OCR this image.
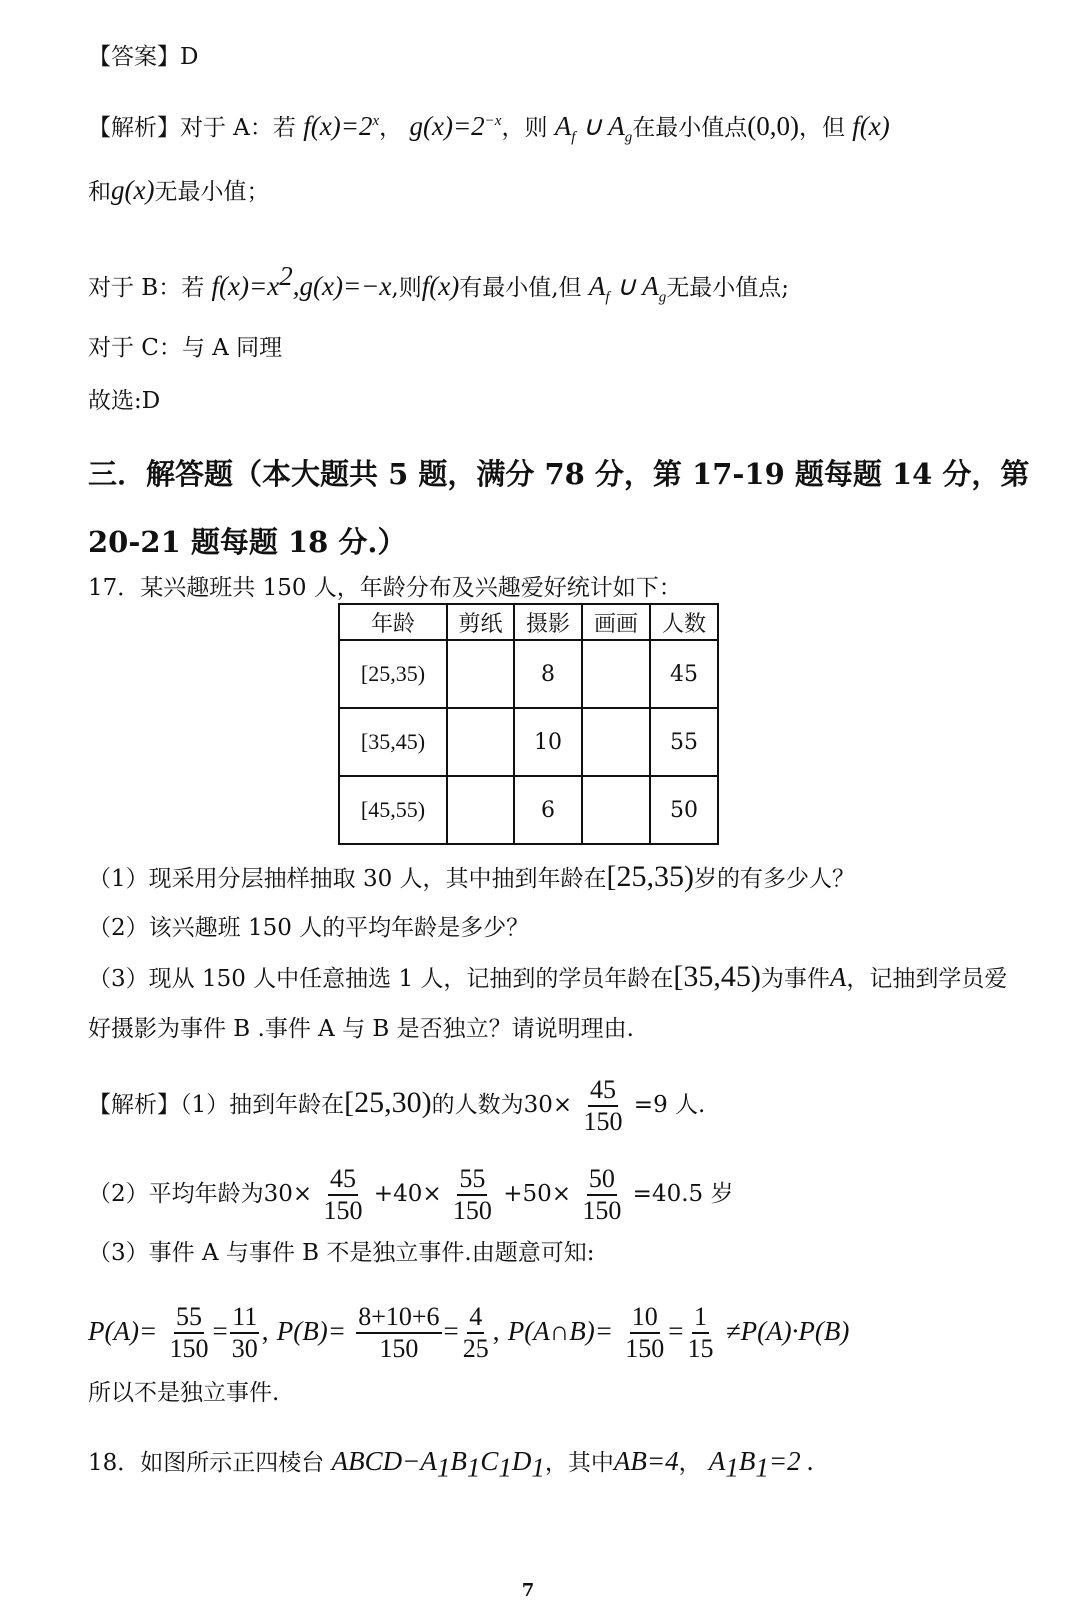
【答案】D
【解析】对于 A：若 $f(x)=2^x$， $g(x)=2^{-x}$，则 $A_f$ ∪ $A_g$在最小值点(0,0)，但 f(x)
和g(x)无最小值；
对于 B：若 $f(x)=x^2,g(x)=-x$,则f(x)有最小值,但 $A_f$ ∪ $A_g$无最小值点;
对于 C：与 A 同理
故选:D
三．解答题（本大题共 5 题，满分 78 分，第 17-19 题每题 14 分，第
20-21 题每题 18 分.）
17．某兴趣班共 150 人，年龄分布及兴趣爱好统计如下：
年龄	剪纸	摄影	画画	人数
[25,35)		8		45
[35,45)		10		55
[45,55)		6		50
（1）现采用分层抽样抽取 30 人，其中抽到年龄在[25,35)岁的有多少人？
（2）该兴趣班 150 人的平均年龄是多少？
（3）现从 150 人中任意抽选 1 人，记抽到的学员年龄在[35,45)为事件A，记抽到学员爱
好摄影为事件 B .事件 A 与 B 是否独立？请说明理由.
【解析】（1）抽到年龄在[25,30)的人数为$30\times \frac{45}{150} =9$ 人.
（2）平均年龄为$30\times \frac{45}{150} +40\times \frac{55}{150} +50\times \frac{50}{150} =40.5$ 岁
（3）事件 A 与事件 B 不是独立事件.由题意可知:
$P(A)= \frac{55}{150} = \frac{11}{30}$ , $P(B)= \frac{8+10+6}{150} = \frac{4}{25}$ , P(A∩B)= $\frac{10}{150} = \frac{1}{15} \ne P(A)\cdot P(B)$
所以不是独立事件.
18．如图所示正四棱台 $ABCD-A_1B_1C_1D_1$，其中AB=4， $A_1B_1=2$ .
7
